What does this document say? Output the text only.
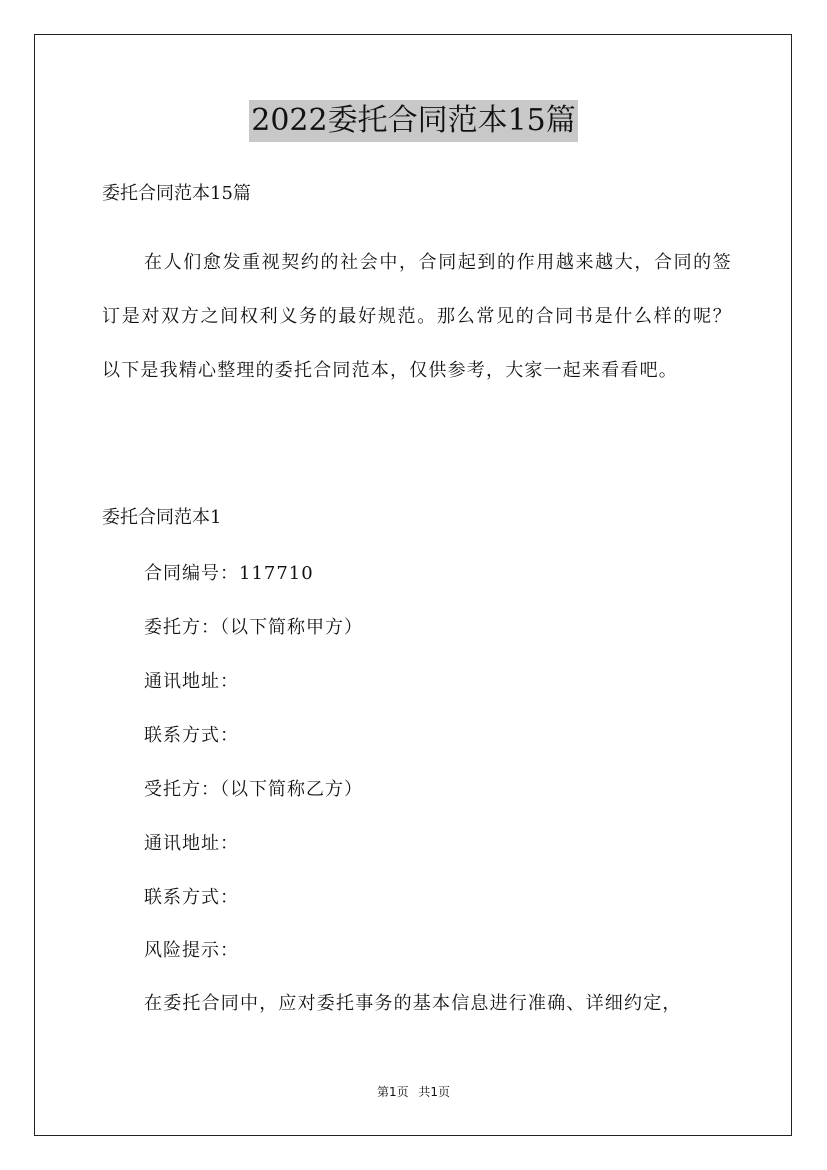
2022委托合同范本15篇
委托合同范本15篇

在人们愈发重视契约的社会中，合同起到的作用越来越大，合同的签订是对双方之间权利义务的最好规范。那么常见的合同书是什么样的呢？以下是我精心整理的委托合同范本，仅供参考，大家一起来看看吧。

委托合同范本1
合同编号：117710
委托方：（以下简称甲方）
通讯地址：
联系方式：
受托方：（以下简称乙方）
通讯地址：
联系方式：
风险提示：
在委托合同中，应对委托事务的基本信息进行准确、详细约定，
第1页 共1页
